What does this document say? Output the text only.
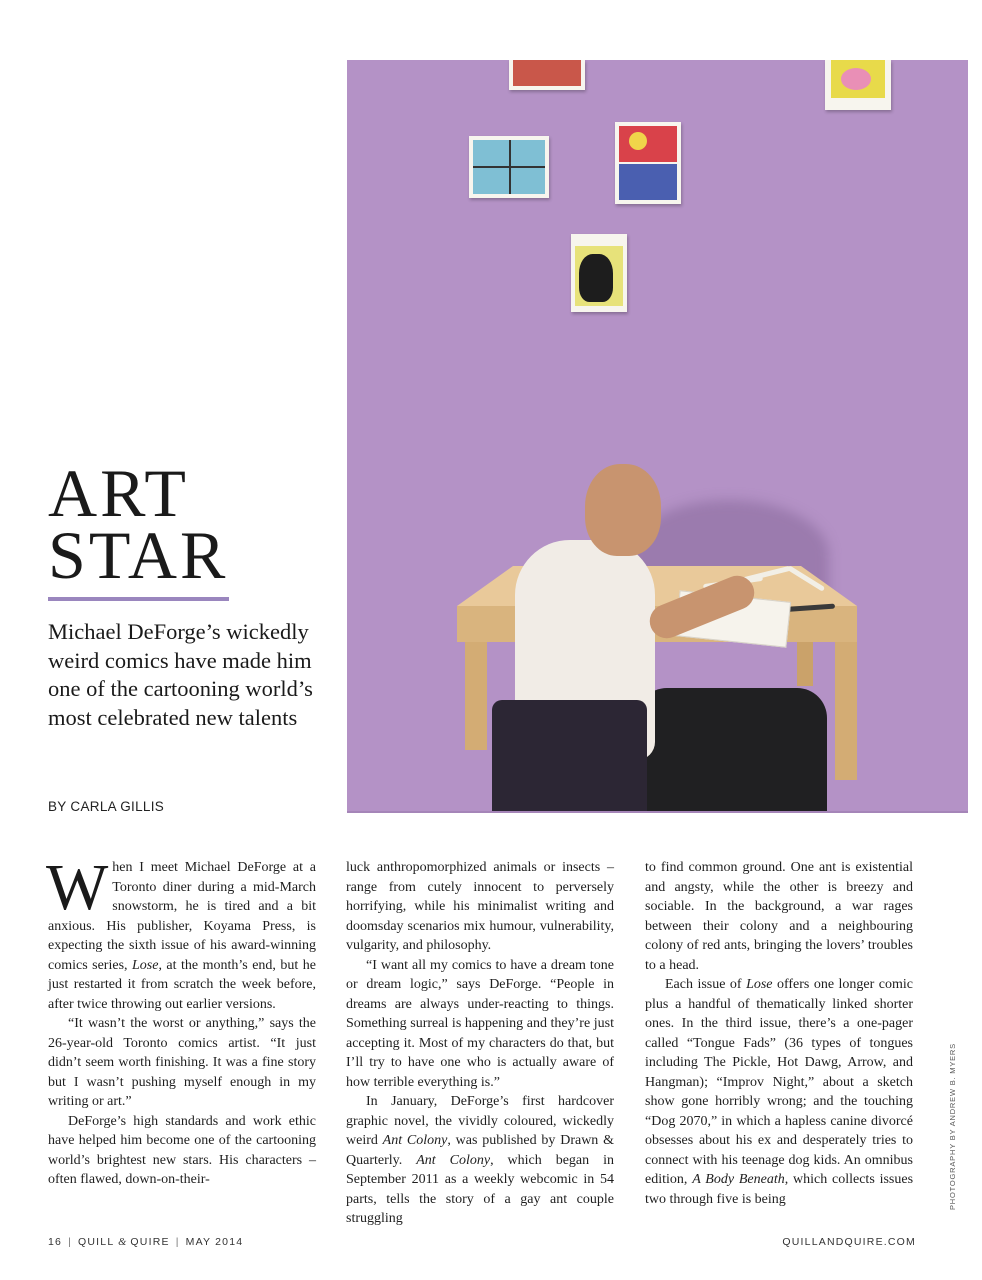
ART
STAR

Michael DeForge’s wickedly weird comics have made him one of the cartooning world’s most celebrated new talents

BY CARLA GILLIS

When I meet Michael DeForge at a Toronto diner during a mid-March snowstorm, he is tired and a bit anxious. His publisher, Koyama Press, is expecting the sixth issue of his award-winning comics series, Lose, at the month’s end, but he just restarted it from scratch the week before, after twice throwing out earlier versions.

“It wasn’t the worst or anything,” says the 26-year-old Toronto comics artist. “It just didn’t seem worth finishing. It was a fine story but I wasn’t pushing myself enough in my writing or art.”

DeForge’s high standards and work ethic have helped him become one of the cartooning world’s brightest new stars. His characters – often flawed, down-on-their-

luck anthropomorphized animals or insects – range from cutely innocent to perversely horrifying, while his minimalist writing and doomsday scenarios mix humour, vulnerability, vulgarity, and philosophy.

“I want all my comics to have a dream tone or dream logic,” says DeForge. “People in dreams are always under-reacting to things. Something surreal is happening and they’re just accepting it. Most of my characters do that, but I’ll try to have one who is actually aware of how terrible everything is.”

In January, DeForge’s first hardcover graphic novel, the vividly coloured, wickedly weird Ant Colony, was published by Drawn & Quarterly. Ant Colony, which began in September 2011 as a weekly webcomic in 54 parts, tells the story of a gay ant couple struggling

to find common ground. One ant is existential and angsty, while the other is breezy and sociable. In the background, a war rages between their colony and a neighbouring colony of red ants, bringing the lovers’ troubles to a head.

Each issue of Lose offers one longer comic plus a handful of thematically linked shorter ones. In the third issue, there’s a one-pager called “Tongue Fads” (36 types of tongues including The Pickle, Hot Dawg, Arrow, and Hangman); “Improv Night,” about a sketch show gone horribly wrong; and the touching “Dog 2070,” in which a hapless canine divorcé obsesses about his ex and desperately tries to connect with his teenage dog kids. An omnibus edition, A Body Beneath, which collects issues two through five is being	PHOTOGRAPHY BY ANDREW B. MYERS
16 | QUILL & QUIRE | MAY 2014	QUILLANDQUIRE.COM
